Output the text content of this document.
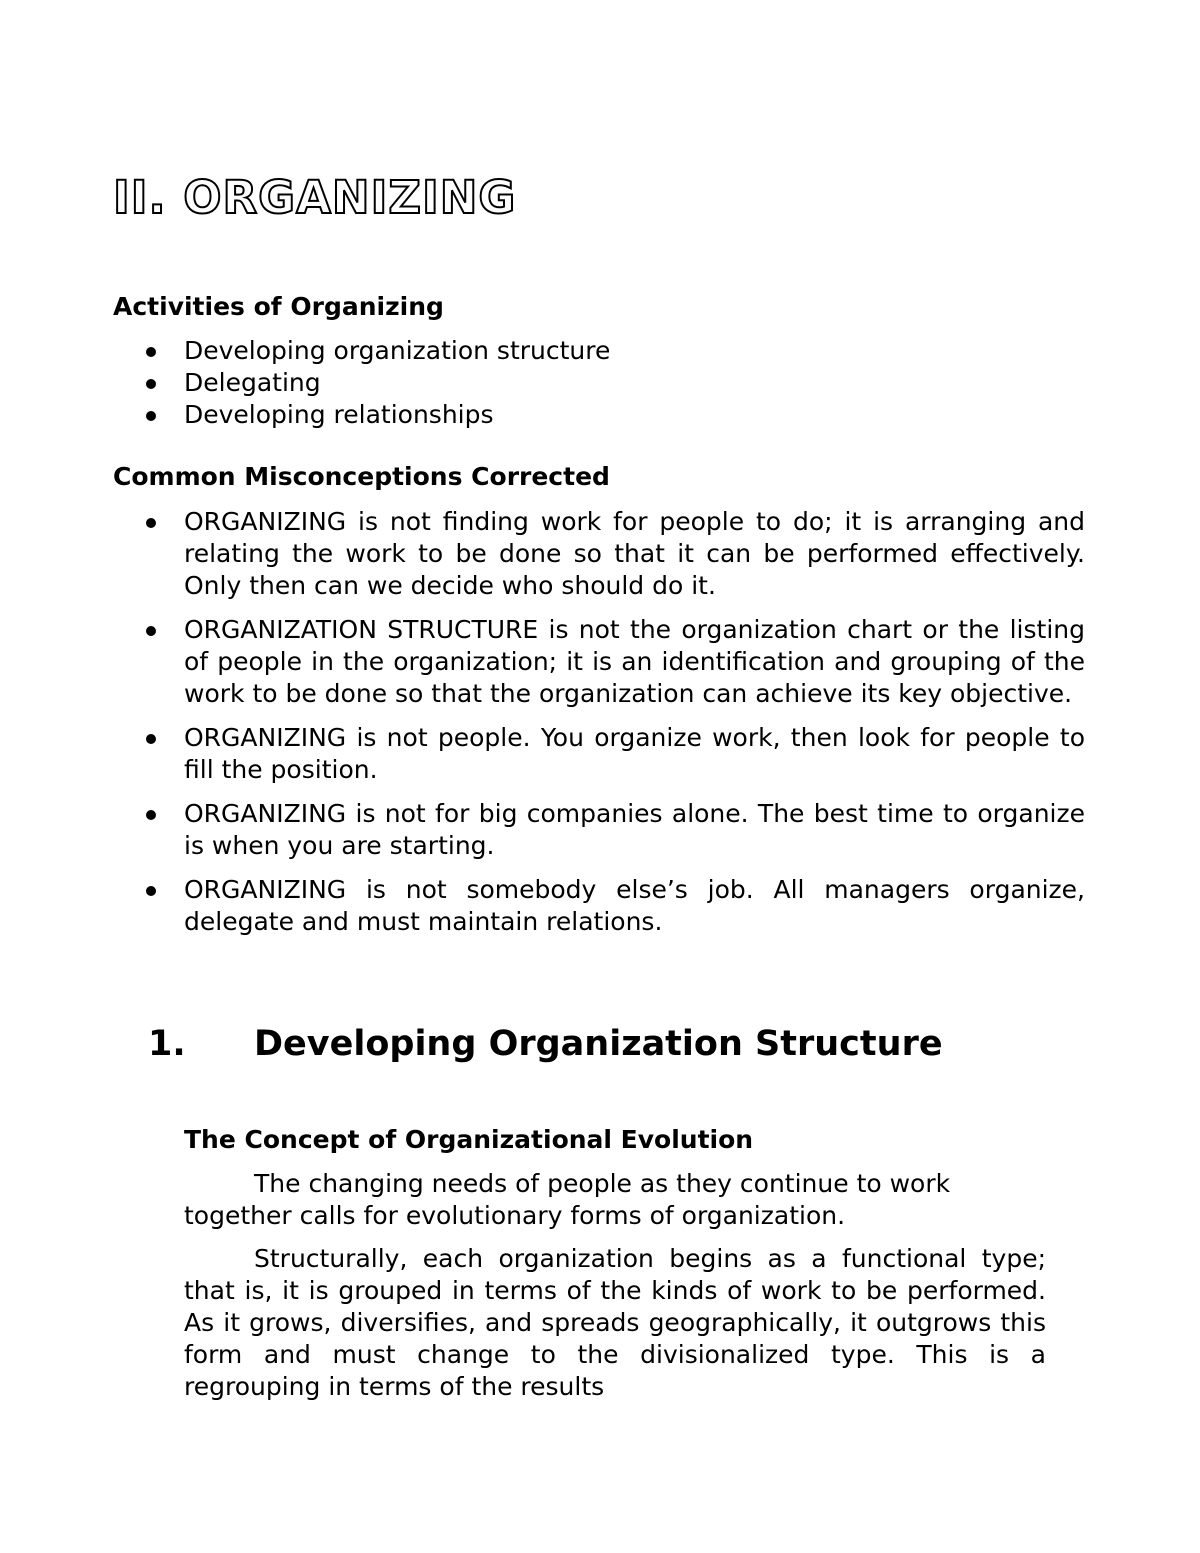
II. ORGANIZING
Activities of Organizing
Developing organization structure
Delegating
Developing relationships
Common Misconceptions Corrected
ORGANIZING is not finding work for people to do; it is arranging and relating the work to be done so that it can be performed effectively. Only then can we decide who should do it.
ORGANIZATION STRUCTURE is not the organization chart or the listing of people in the organization; it is an identification and grouping of the work to be done so that the organization can achieve its key objective.
ORGANIZING is not people. You organize work, then look for people to fill the position.
ORGANIZING is not for big companies alone. The best time to organize is when you are starting.
ORGANIZING is not somebody else’s job. All managers organize, delegate and must maintain relations.
1. Developing Organization Structure
The Concept of Organizational Evolution

The changing needs of people as they continue to work together calls for evolutionary forms of organization.

Structurally, each organization begins as a functional type; that is, it is grouped in terms of the kinds of work to be performed. As it grows, diversifies, and spreads geographically, it outgrows this form and must change to the divisionalized type. This is a regrouping in terms of the results
